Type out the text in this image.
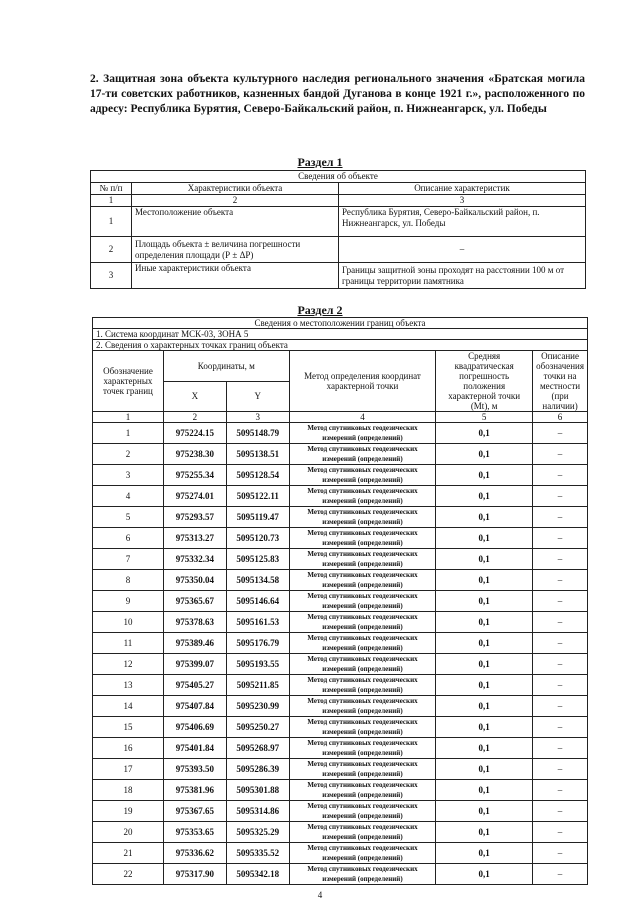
2. Защитная зона объекта культурного наследия регионального значения «Братская могила 17-ти советских работников, казненных бандой Дуганова в конце 1921 г.», расположенного по адресу: Республика Бурятия, Северо-Байкальский район, п. Нижнеангарск, ул. Победы
Раздел 1
Сведения об объекте		
№ п/п	Характеристики объекта	Описание характеристик
1	2	3
1	Местоположение объекта	Республика Бурятия, Северо-Байкальский район, п. Нижнеангарск, ул. Победы
2	Площадь объекта ± величина погрешности определения площади (Р ± ΔР)	–
3	Иные характеристики объекта	Границы защитной зоны проходят на расстоянии 100 м от границы территории памятника
Раздел 2
Сведения о местоположении границ объекта					
1. Система координат МСК-03, ЗОНА 5					
2. Сведения о характерных точках границ объекта					
Обозначение характерных точек границ	Координаты, м		Метод определения координат характерной точки	Средняя квадратическая погрешность положения характерной точки (Mt), м	Описание обозначения точки на местности (при наличии)
	X	Y			
1	2	3	4	5	6
1	975224.15	5095148.79	Метод спутниковых геодезических измерений (определений)	0,1	–
2	975238.30	5095138.51	Метод спутниковых геодезических измерений (определений)	0,1	–
3	975255.34	5095128.54	Метод спутниковых геодезических измерений (определений)	0,1	–
4	975274.01	5095122.11	Метод спутниковых геодезических измерений (определений)	0,1	–
5	975293.57	5095119.47	Метод спутниковых геодезических измерений (определений)	0,1	–
6	975313.27	5095120.73	Метод спутниковых геодезических измерений (определений)	0,1	–
7	975332.34	5095125.83	Метод спутниковых геодезических измерений (определений)	0,1	–
8	975350.04	5095134.58	Метод спутниковых геодезических измерений (определений)	0,1	–
9	975365.67	5095146.64	Метод спутниковых геодезических измерений (определений)	0,1	–
10	975378.63	5095161.53	Метод спутниковых геодезических измерений (определений)	0,1	–
11	975389.46	5095176.79	Метод спутниковых геодезических измерений (определений)	0,1	–
12	975399.07	5095193.55	Метод спутниковых геодезических измерений (определений)	0,1	–
13	975405.27	5095211.85	Метод спутниковых геодезических измерений (определений)	0,1	–
14	975407.84	5095230.99	Метод спутниковых геодезических измерений (определений)	0,1	–
15	975406.69	5095250.27	Метод спутниковых геодезических измерений (определений)	0,1	–
16	975401.84	5095268.97	Метод спутниковых геодезических измерений (определений)	0,1	–
17	975393.50	5095286.39	Метод спутниковых геодезических измерений (определений)	0,1	–
18	975381.96	5095301.88	Метод спутниковых геодезических измерений (определений)	0,1	–
19	975367.65	5095314.86	Метод спутниковых геодезических измерений (определений)	0,1	–
20	975353.65	5095325.29	Метод спутниковых геодезических измерений (определений)	0,1	–
21	975336.62	5095335.52	Метод спутниковых геодезических измерений (определений)	0,1	–
22	975317.90	5095342.18	Метод спутниковых геодезических измерений (определений)	0,1	–
4
